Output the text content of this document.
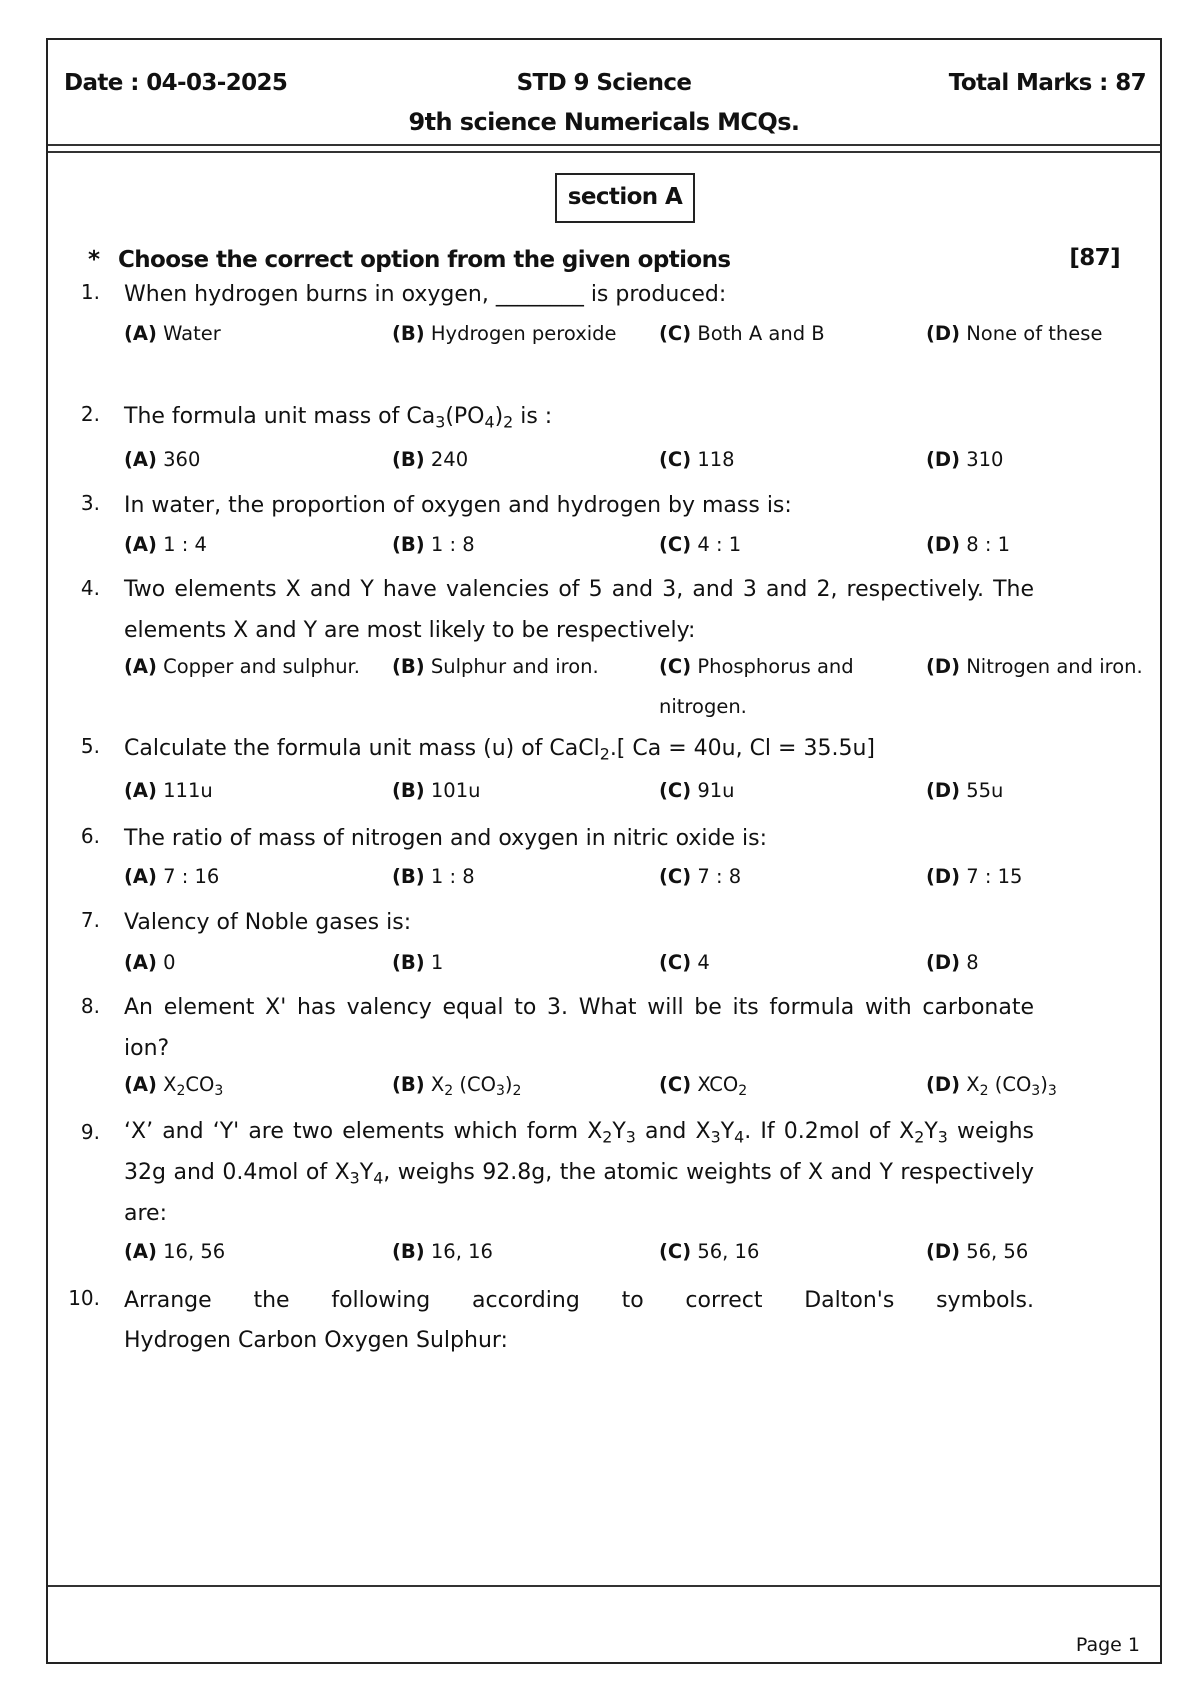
Date : 04-03-2025	STD 9 Science	Total Marks : 87
9th science Numericals MCQs.
section A
* Choose the correct option from the given options	[87]
1. When hydrogen burns in oxygen, ________ is produced:
(A) Water	(B) Hydrogen peroxide	(C) Both A and B	(D) None of these
2. The formula unit mass of $Ca_3(PO_4)_2$ is :
(A) 360	(B) 240	(C) 118	(D) 310
3. In water, the proportion of oxygen and hydrogen by mass is:
(A) 1 : 4	(B) 1 : 8	(C) 4 : 1	(D) 8 : 1
4. Two elements X and Y have valencies of 5 and 3, and 3 and 2, respectively. The elements X and Y are most likely to be respectively:
(A) Copper and sulphur. (B) Sulphur and iron.	(C) Phosphorus and nitrogen.
(D) Nitrogen and iron.
5. Calculate the formula unit mass (u) of CaCl$_2$.[ Ca = 40u, Cl = 35.5u]
(A) 111u	(B) 101u	(C) 91u	(D) 55u
6. The ratio of mass of nitrogen and oxygen in nitric oxide is:
(A) 7 : 16	(B) 1 : 8	(C) 7 : 8	(D) 7 : 15
7. Valency of Noble gases is:
(A) 0	(B) 1	(C) 4	(D) 8
8. An element X' has valency equal to 3. What will be its formula with carbonate ion?
(A) $X_2CO_3$	(B) $X_2$ $(CO_3)_2$	(C) $XCO_2$	(D) $X_2$ $(CO_3)_3$
9. ‘X’ and ‘Y' are two elements which form $X_2Y_3$ and $X_3Y_4$. If 0.2mol of $X_2Y_3$ weighs 32g and 0.4mol of $X_3Y_4$, weighs 92.8g, the atomic weights of X and Y respectively are:
(A) 16, 56	(B) 16, 16	(C) 56, 16	(D) 56, 56
10. Arrange the following according to correct Dalton's symbols.
Hydrogen Carbon Oxygen Sulphur:
Page 1
